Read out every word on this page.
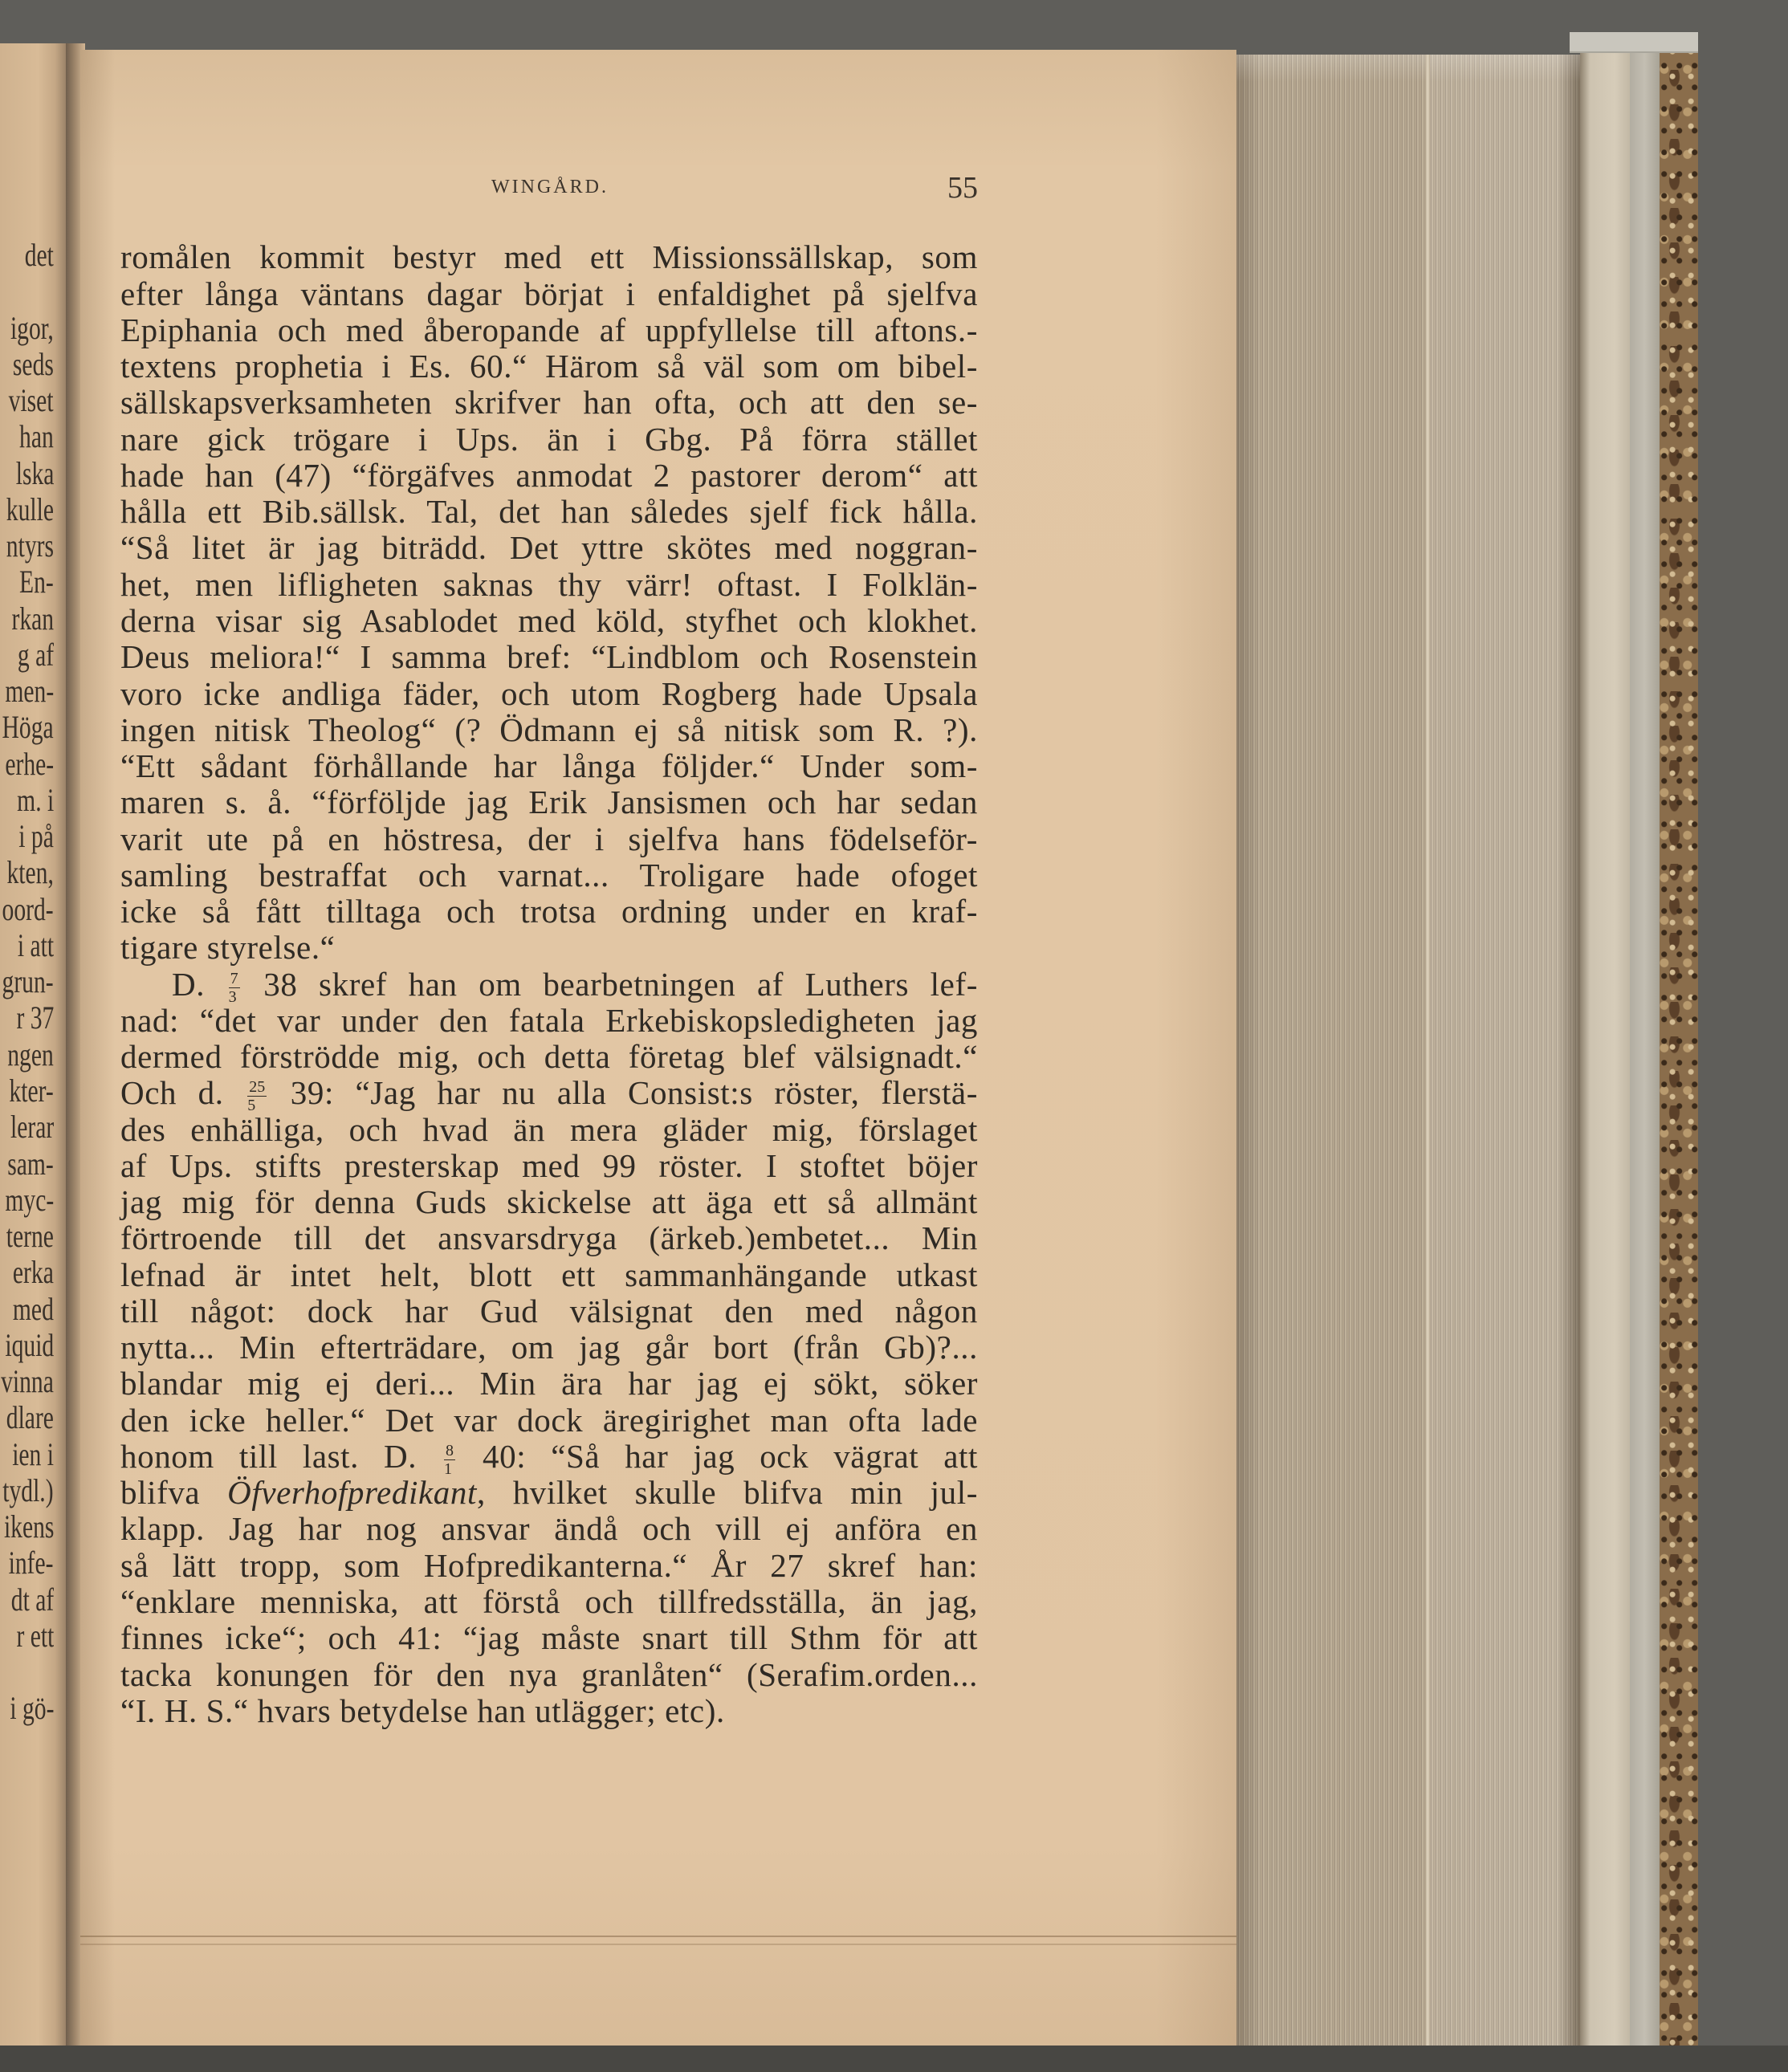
det
igor,
seds
viset
han
lska
kulle
ntyrs
En-
rkan
g af
men-
Höga
erhe-
m. i
i på
kten,
oord-
i att
grun-
r 37
ngen
kter-
lerar
sam-
myc-
terne
erka
med
iquid
vinna
dlare
ien i
tydl.)
ikens
infe-
dt af
r ett
i gö-
WINGÅRD.	55
romålen kommit bestyr med ett Missionssällskap, som
efter långa väntans dagar börjat i enfaldighet på sjelfva
Epiphania och med åberopande af uppfyllelse till aftons.-
textens prophetia i Es. 60.“ Härom så väl som om bibel-
sällskapsverksamheten skrifver han ofta, och att den se-
nare gick trögare i Ups. än i Gbg. På förra stället
hade han (47) “förgäfves anmodat 2 pastorer derom“ att
hålla ett Bib.sällsk. Tal, det han således sjelf fick hålla.
“Så litet är jag biträdd. Det yttre skötes med noggran-
het, men lifligheten saknas thy värr! oftast. I Folklän-
derna visar sig Asablodet med köld, styfhet och klokhet.
Deus meliora!“ I samma bref: “Lindblom och Rosenstein
voro icke andliga fäder, och utom Rogberg hade Upsala
ingen nitisk Theolog“ (? Ödmann ej så nitisk som R. ?).
“Ett sådant förhållande har långa följder.“ Under som-
maren s. å. “förföljde jag Erik Jansismen och har sedan
varit ute på en höstresa, der i sjelfva hans födelseför-
samling bestraffat och varnat... Troligare hade ofoget
icke så fått tilltaga och trotsa ordning under en kraf-
tigare styrelse.“
D. $\frac{7}{3} 38$ skref han om bearbetningen af Luthers lef-
nad: “det var under den fatala Erkebiskopsledigheten jag
dermed förströdde mig, och detta företag blef välsignadt.“
Och d. $\frac{25}{5} 39$: “Jag har nu alla Consist:s röster, flerstä-
des enhälliga, och hvad än mera gläder mig, förslaget
af Ups. stifts presterskap med 99 röster. I stoftet böjer
jag mig för denna Guds skickelse att äga ett så allmänt
förtroende till det ansvarsdryga (ärkeb.)embetet... Min
lefnad är intet helt, blott ett sammanhängande utkast
till något: dock har Gud välsignat den med någon
nytta... Min efterträdare, om jag går bort (från Gb)?...
blandar mig ej deri... Min ära har jag ej sökt, söker
den icke heller.“ Det var dock äregirighet man ofta lade
honom till last. D. $\frac{8}{1} 40$: “Så har jag ock vägrat att
blifva Öfverhofpredikant, hvilket skulle blifva min jul-
klapp. Jag har nog ansvar ändå och vill ej anföra en
så lätt tropp, som Hofpredikanterna.“ År 27 skref han:
“enklare menniska, att förstå och tillfredsställa, än jag,
finnes icke“; och 41: “jag måste snart till Sthm för att
tacka konungen för den nya granlåten“ (Serafim.orden...
“I. H. S.“ hvars betydelse han utlägger; etc).
